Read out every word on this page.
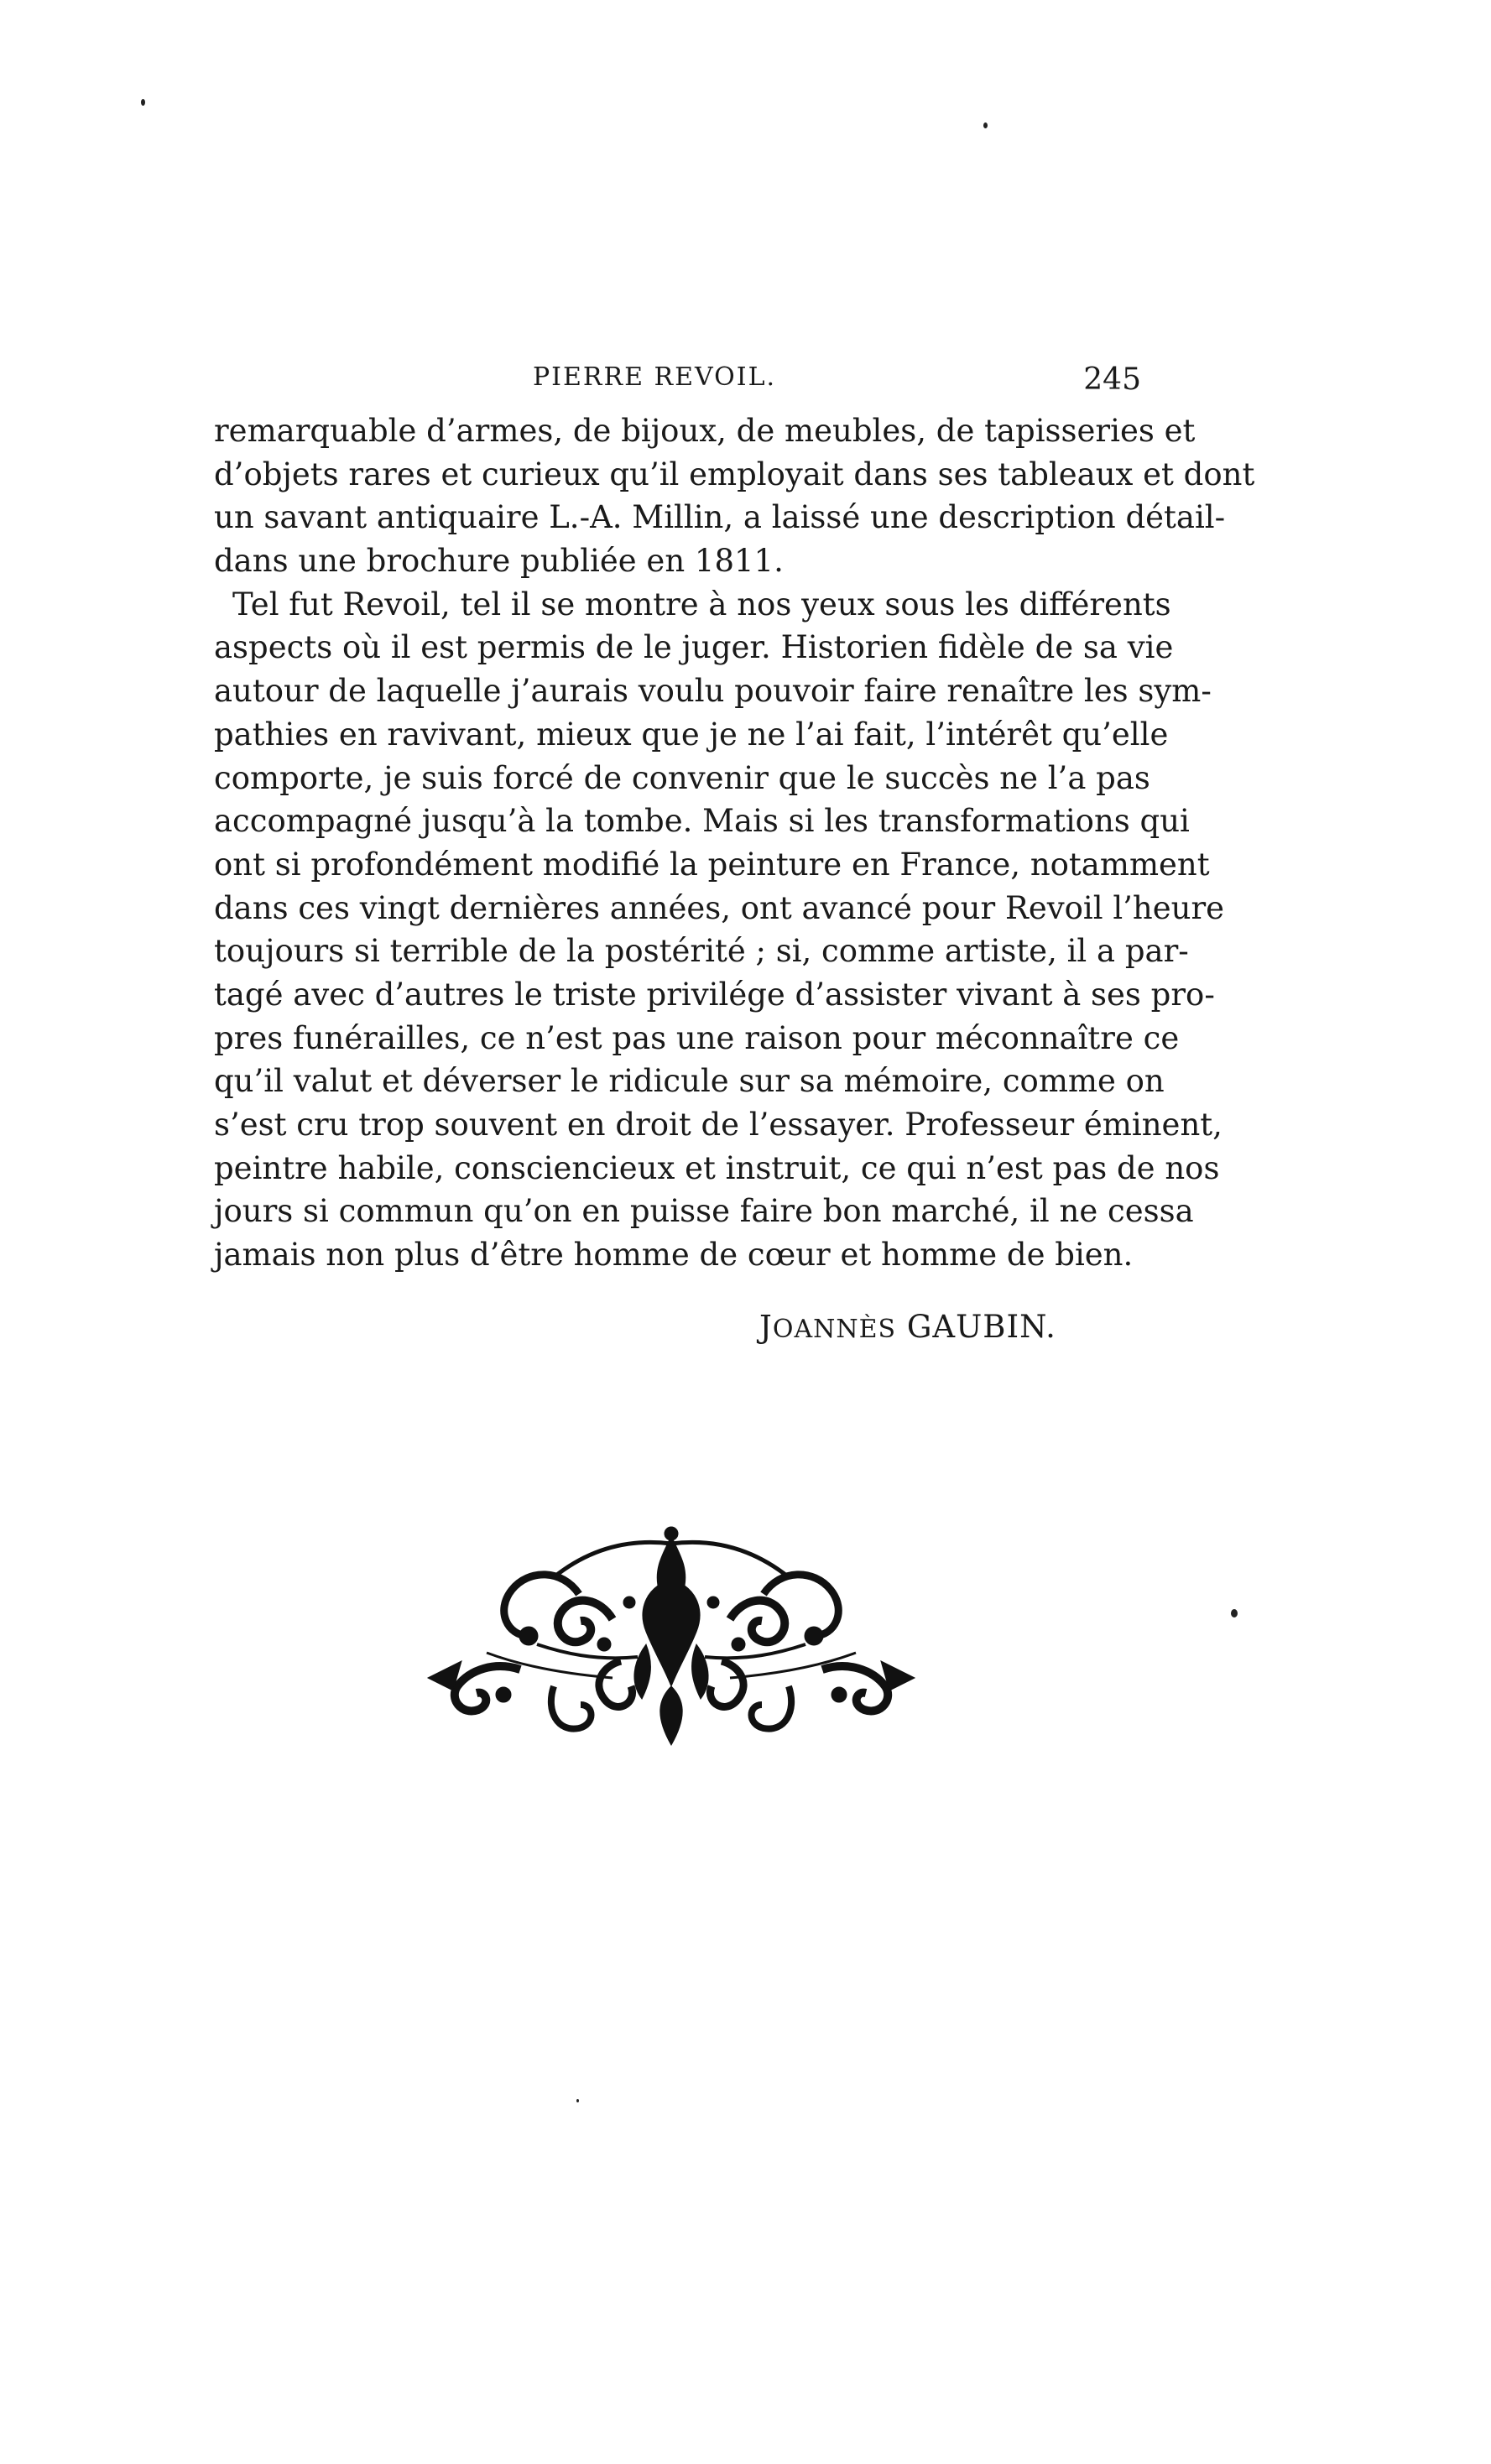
PIERRE REVOIL.	245
remarquable d’armes, de bijoux, de meubles, de tapisseries et
d’objets rares et curieux qu’il employait dans ses tableaux et dont
un savant antiquaire L.-A. Millin, a laissé une description détail-
dans une brochure publiée en 1811.
Tel fut Revoil, tel il se montre à nos yeux sous les différents
aspects où il est permis de le juger. Historien fidèle de sa vie
autour de laquelle j’aurais voulu pouvoir faire renaître les sym-
pathies en ravivant, mieux que je ne l’ai fait, l’intérêt qu’elle
comporte, je suis forcé de convenir que le succès ne l’a pas
accompagné jusqu’à la tombe. Mais si les transformations qui
ont si profondément modifié la peinture en France, notamment
dans ces vingt dernières années, ont avancé pour Revoil l’heure
toujours si terrible de la postérité ; si, comme artiste, il a par-
tagé avec d’autres le triste privilége d’assister vivant à ses pro-
pres funérailles, ce n’est pas une raison pour méconnaître ce
qu’il valut et déverser le ridicule sur sa mémoire, comme on
s’est cru trop souvent en droit de l’essayer. Professeur éminent,
peintre habile, consciencieux et instruit, ce qui n’est pas de nos
jours si commun qu’on en puisse faire bon marché, il ne cessa
jamais non plus d’être homme de cœur et homme de bien.
JOANNÈS GAUBIN.
